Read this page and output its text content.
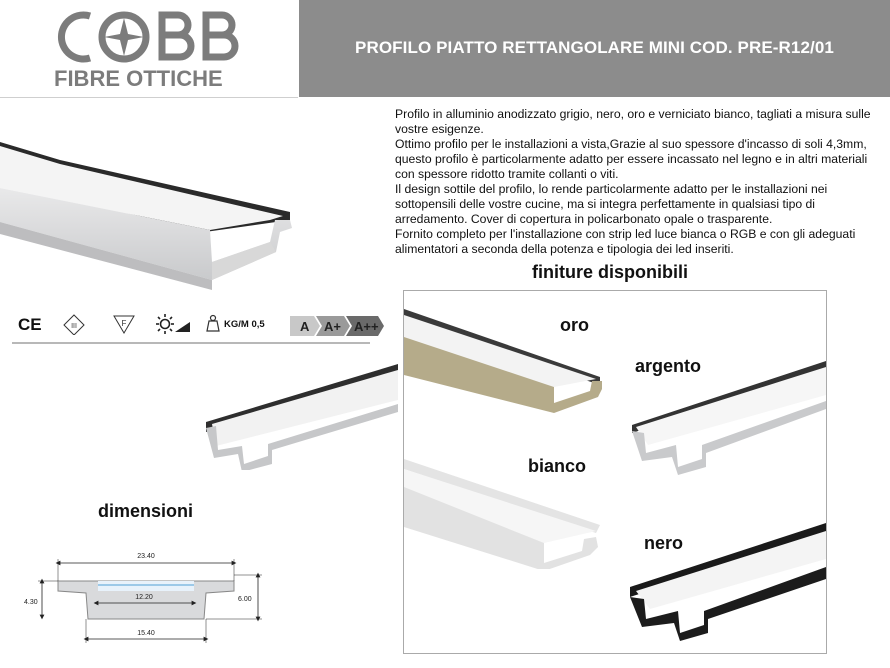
FIBRE OTTICHE
PROFILO PIATTO RETTANGOLARE MINI COD. PRE-R12/01

Profilo in alluminio anodizzato grigio, nero, oro e verniciato bianco, tagliati a misura sulle vostre esigenze.

Ottimo profilo per le installazioni a vista,Grazie al suo spessore d'incasso di soli 4,3mm, questo profilo è particolarmente adatto per essere incassato nel legno e in altri materiali con spessore ridotto tramite collanti o viti.

Il design sottile del profilo, lo rende particolarmente adatto per le installazioni nei sottopensili delle vostre cucine, ma si integra perfettamente in qualsiasi tipo di arredamento. Cover di copertura in policarbonato opale o trasparente.

Fornito completo per l'installazione con strip led luce bianca o RGB e con gli adeguati alimentatori a seconda della potenza e tipologia dei led inseriti.

CE	III	F	KG/M 0,5	A A+ A++
dimensioni
23.40
12.20
15.40
4.30	6.00
finiture disponibili
oro
argento
bianco
nero
